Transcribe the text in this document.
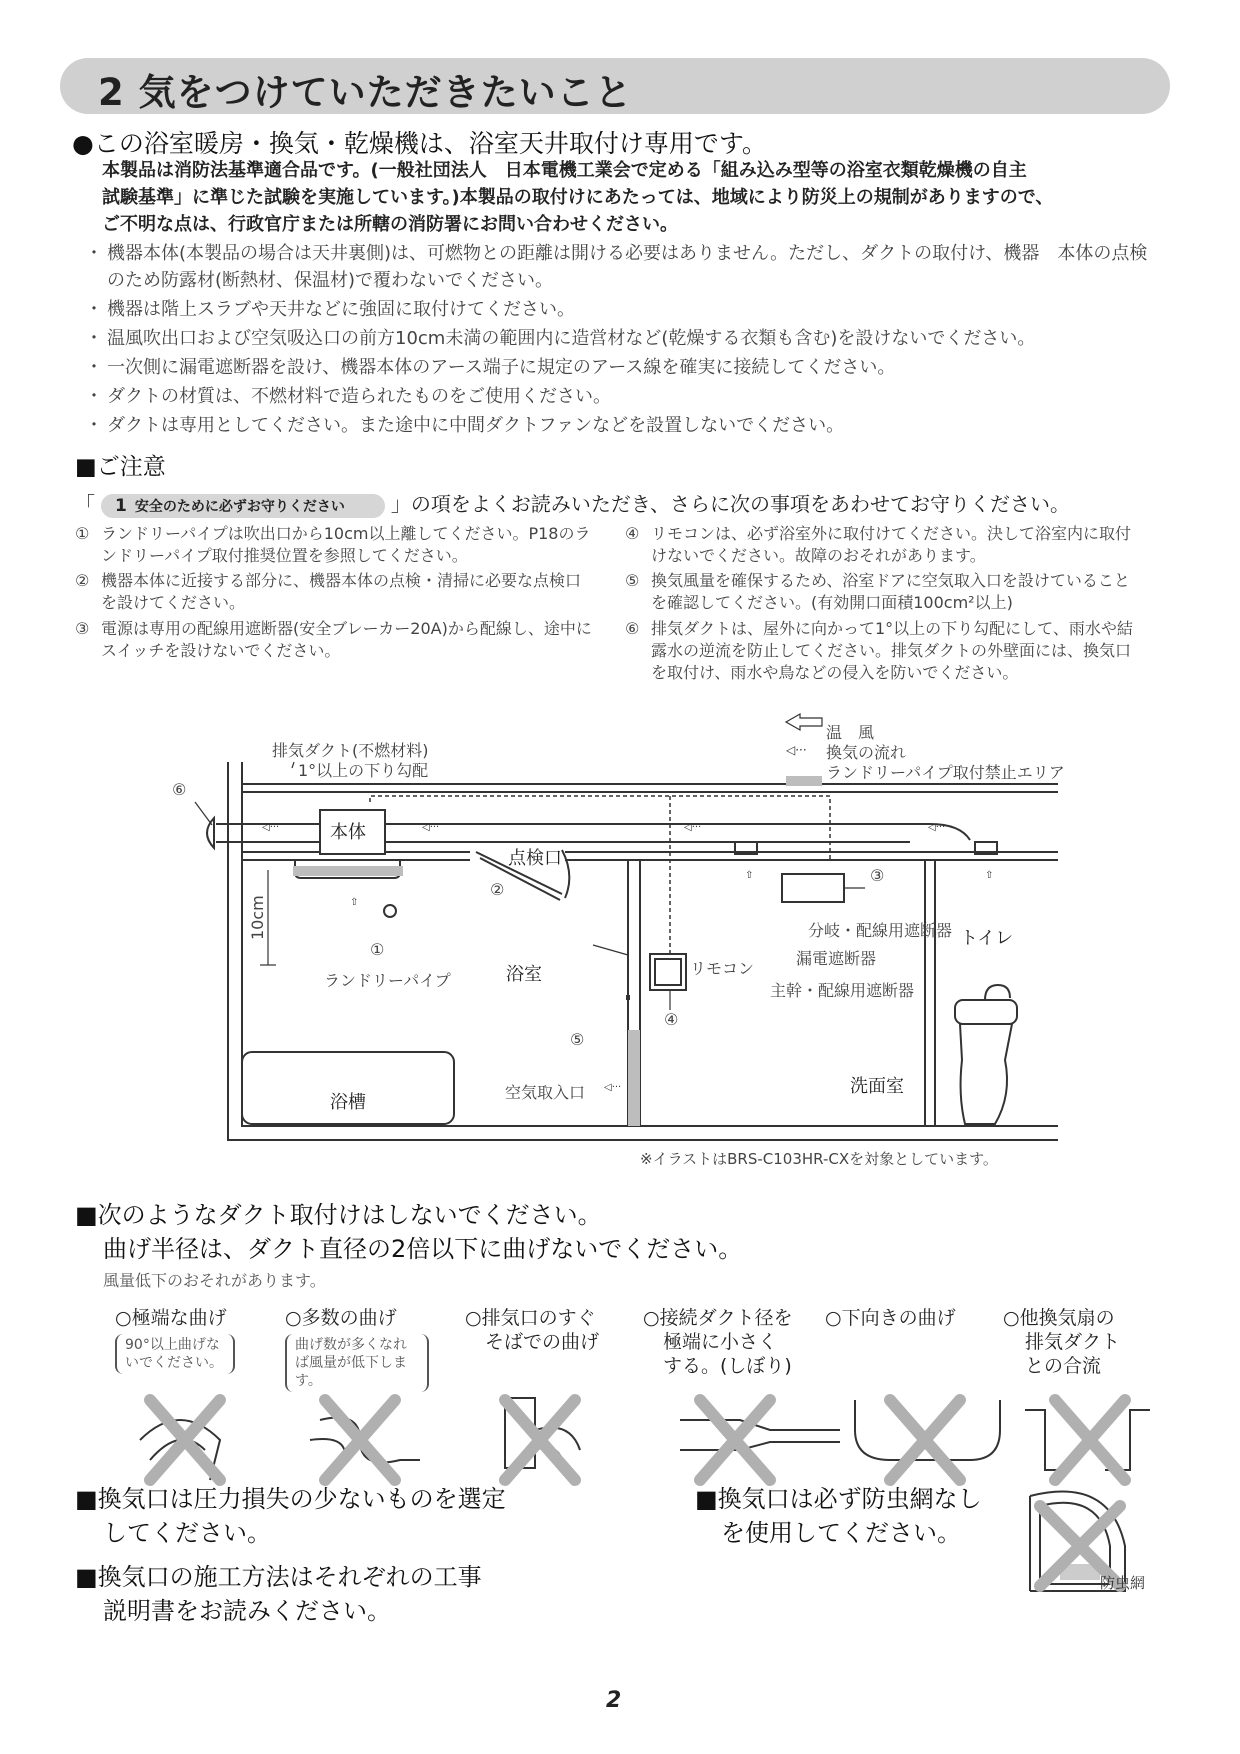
2 気をつけていただきたいこと
●この浴室暖房・換気・乾燥機は、浴室天井取付け専用です。
本製品は消防法基準適合品です。(一般社団法人　日本電機工業会で定める「組み込み型等の浴室衣類乾燥機の自主
試験基準」に準じた試験を実施しています。)本製品の取付けにあたっては、地域により防災上の規制がありますので、
ご不明な点は、行政官庁または所轄の消防署にお問い合わせください。
・ 機器本体(本製品の場合は天井裏側)は、可燃物との距離は開ける必要はありません。ただし、ダクトの取付け、機器　本体の点検のため防露材(断熱材、保温材)で覆わないでください。
・ 機器は階上スラブや天井などに強固に取付けてください。
・ 温風吹出口および空気吸込口の前方10cm未満の範囲内に造営材など(乾燥する衣類も含む)を設けないでください。
・ 一次側に漏電遮断器を設け、機器本体のアース端子に規定のアース線を確実に接続してください。
・ ダクトの材質は、不燃材料で造られたものをご使用ください。
・ ダクトは専用としてください。また途中に中間ダクトファンなどを設置しないでください。
■ご注意
「 1 安全のために必ずお守りください 」の項をよくお読みいただき、さらに次の事項をあわせてお守りください。
① ランドリーパイプは吹出口から10cm以上離してください。P18のランドリーパイプ取付推奨位置を参照してください。
② 機器本体に近接する部分に、機器本体の点検・清掃に必要な点検口を設けてください。
③ 電源は専用の配線用遮断器(安全ブレーカー20A)から配線し、途中にスイッチを設けないでください。
④ リモコンは、必ず浴室外に取付けてください。決して浴室内に取付けないでください。故障のおそれがあります。
⑤ 換気風量を確保するため、浴室ドアに空気取入口を設けていることを確認してください。(有効開口面積100cm²以上)
⑥ 排気ダクトは、屋外に向かって1°以上の下り勾配にして、雨水や結露水の逆流を防止してください。排気ダクトの外壁面には、換気口を取付け、雨水や鳥などの侵入を防いでください。
◁···	◁···	◁···	◁···
⇧
⇧	⇧
◁···
◁···
排気ダクト(不燃材料)
1°以上の下り勾配
温　風
換気の流れ
ランドリーパイプ取付禁止エリア
本体
点検口
10cm
ランドリーパイプ	浴室	リモコン
分岐・配線用遮断器
漏電遮断器
主幹・配線用遮断器
トイレ
浴槽	空気取入口	洗面室
⑥
②
①
③
④
⑤
※イラストはBRS-C103HR-CXを対象としています。
■次のようなダクト取付けはしないでください。
曲げ半径は、ダクト直径の2倍以下に曲げないでください。
風量低下のおそれがあります。
○極端な曲げ
90°以上曲げないでください。
○多数の曲げ
曲げ数が多くなれば風量が低下します。
○排気口のすぐ
そばでの曲げ
○接続ダクト径を
極端に小さく
する。(しぼり)
○下向きの曲げ ○他換気扇の
排気ダクト
との合流
■換気口は圧力損失の少ないものを選定
してください。
■換気口の施工方法はそれぞれの工事
説明書をお読みください。
■換気口は必ず防虫網なし
を使用してください。
防虫網
2
